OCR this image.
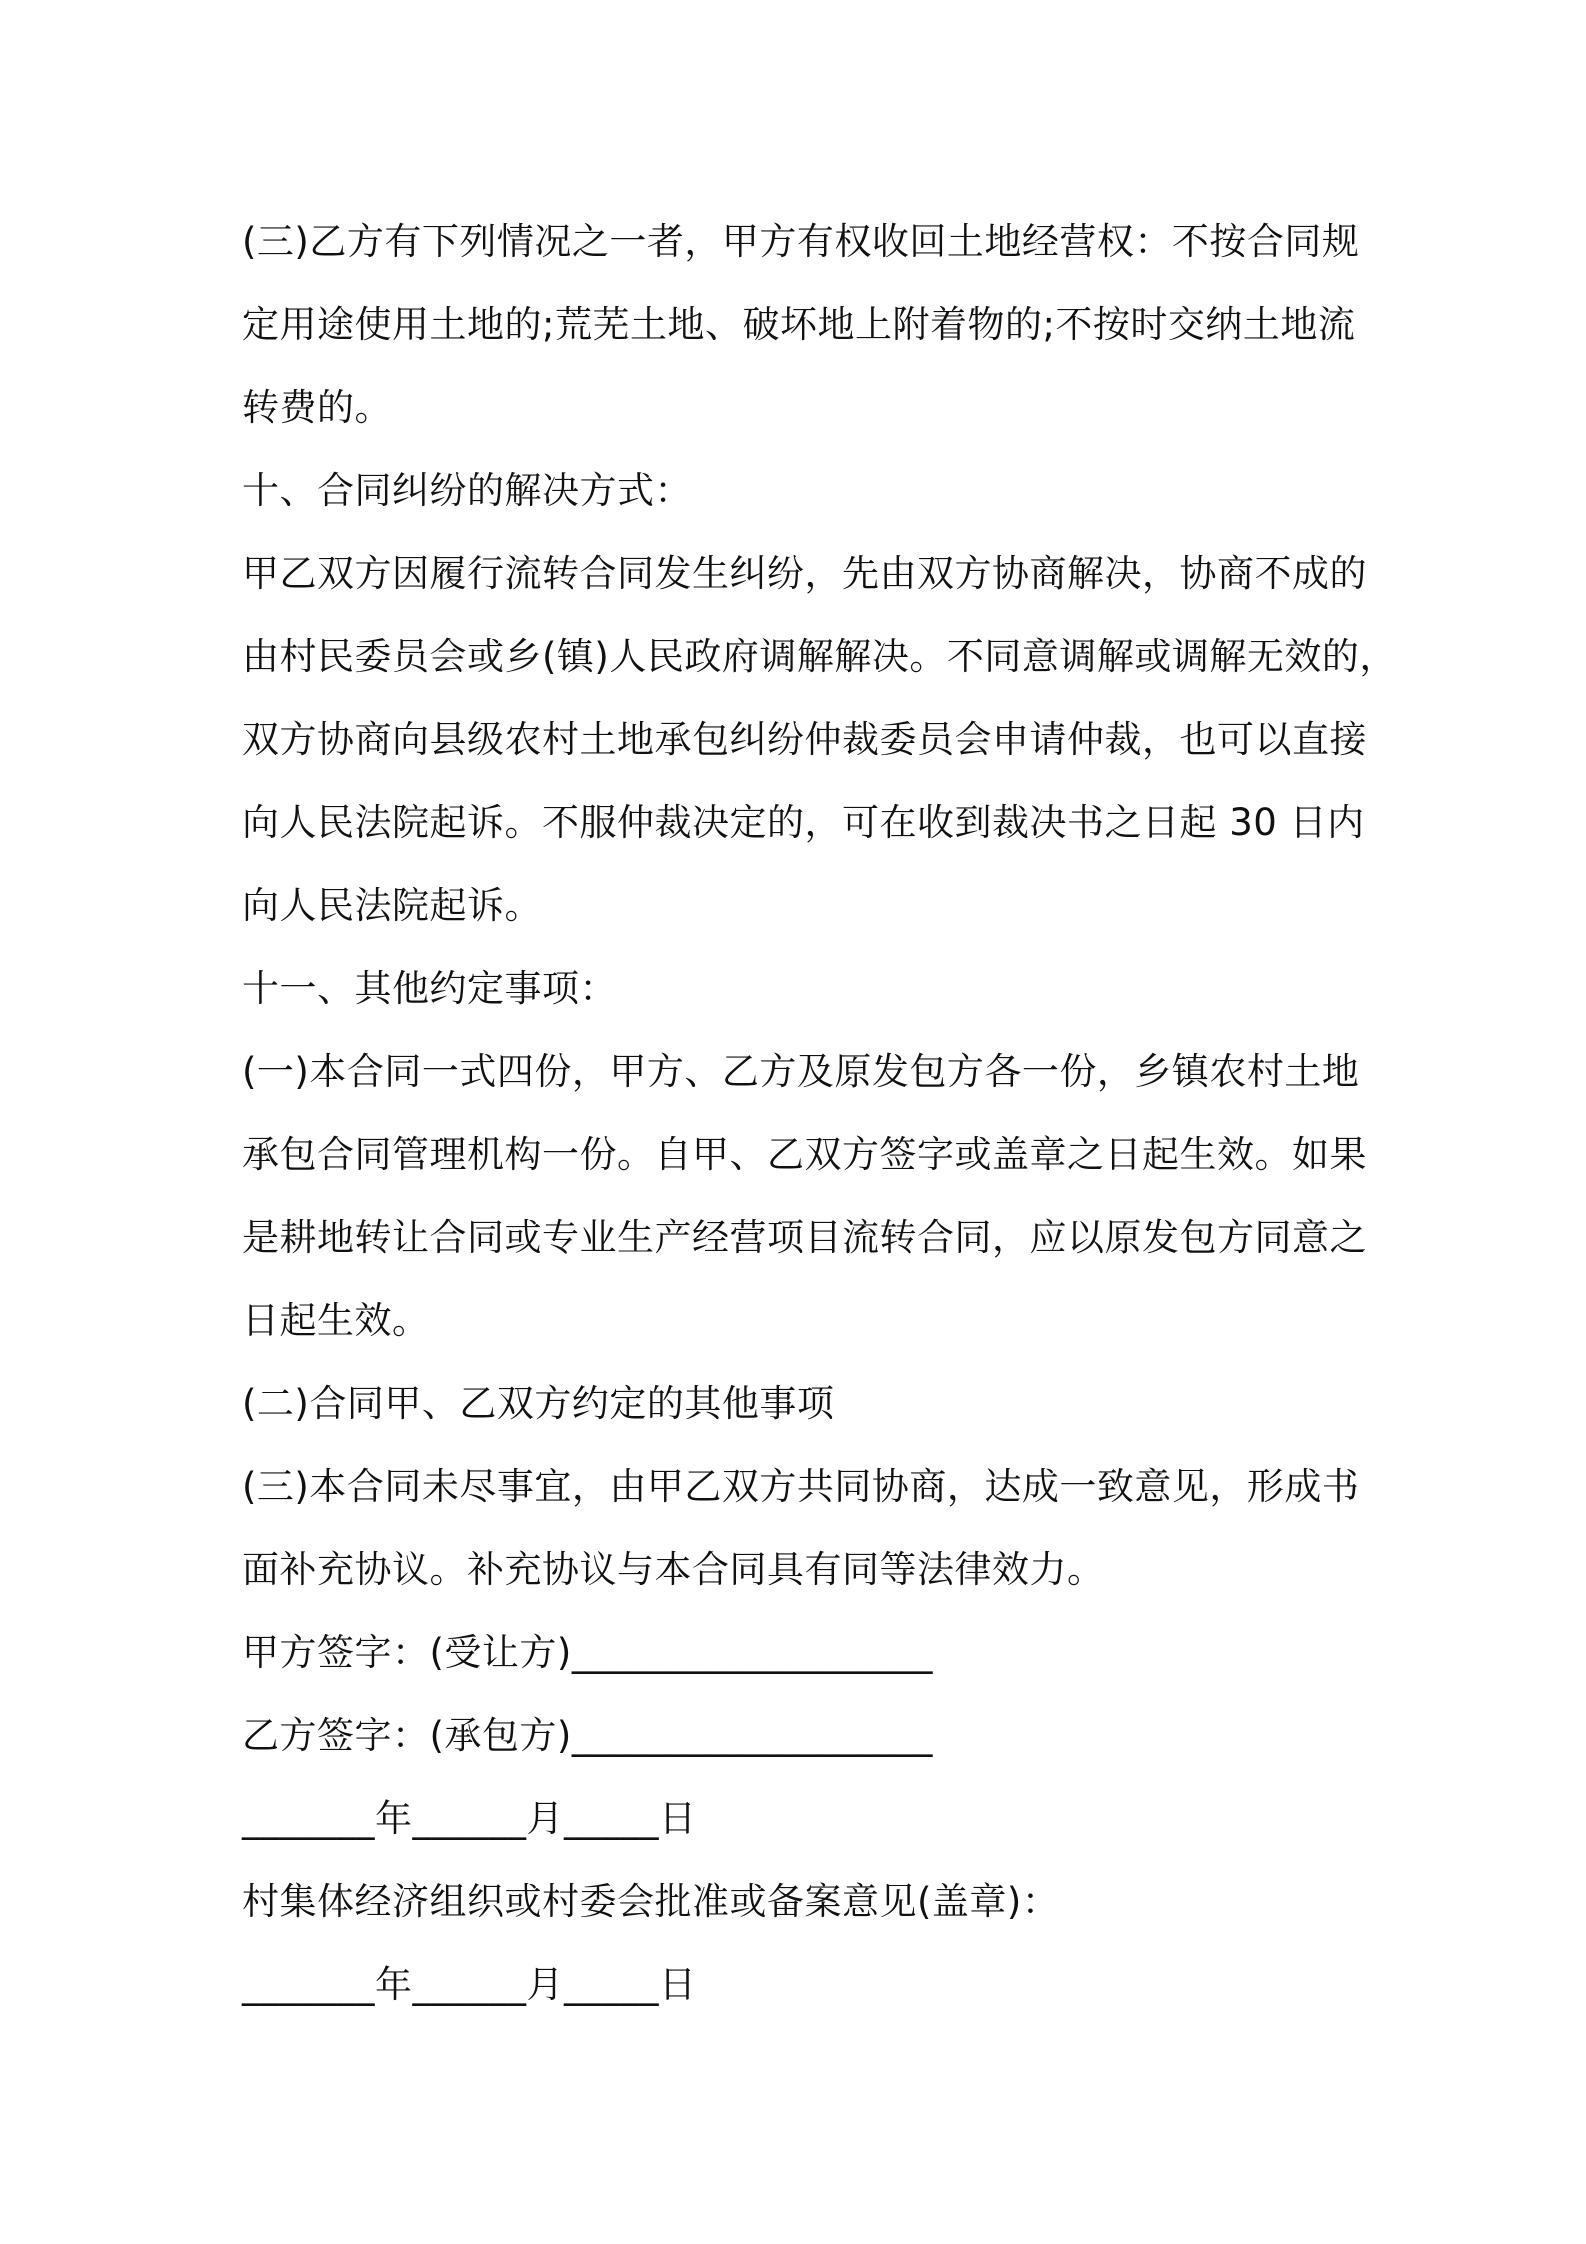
(三)乙方有下列情况之一者，甲方有权收回土地经营权：不按合同规
定用途使用土地的;荒芜土地、破坏地上附着物的;不按时交纳土地流
转费的。
十、合同纠纷的解决方式：
甲乙双方因履行流转合同发生纠纷，先由双方协商解决，协商不成的
由村民委员会或乡(镇)人民政府调解解决。不同意调解或调解无效的，
双方协商向县级农村土地承包纠纷仲裁委员会申请仲裁，也可以直接
向人民法院起诉。不服仲裁决定的，可在收到裁决书之日起 30 日内
向人民法院起诉。
十一、其他约定事项：
(一)本合同一式四份，甲方、乙方及原发包方各一份，乡镇农村土地
承包合同管理机构一份。自甲、乙双方签字或盖章之日起生效。如果
是耕地转让合同或专业生产经营项目流转合同，应以原发包方同意之
日起生效。
(二)合同甲、乙双方约定的其他事项
(三)本合同未尽事宜，由甲乙双方共同协商，达成一致意见，形成书
面补充协议。补充协议与本合同具有同等法律效力。
甲方签字：(受让方)___________________
乙方签字：(承包方)___________________
_______年______月_____日
村集体经济组织或村委会批准或备案意见(盖章)：
_______年______月_____日
